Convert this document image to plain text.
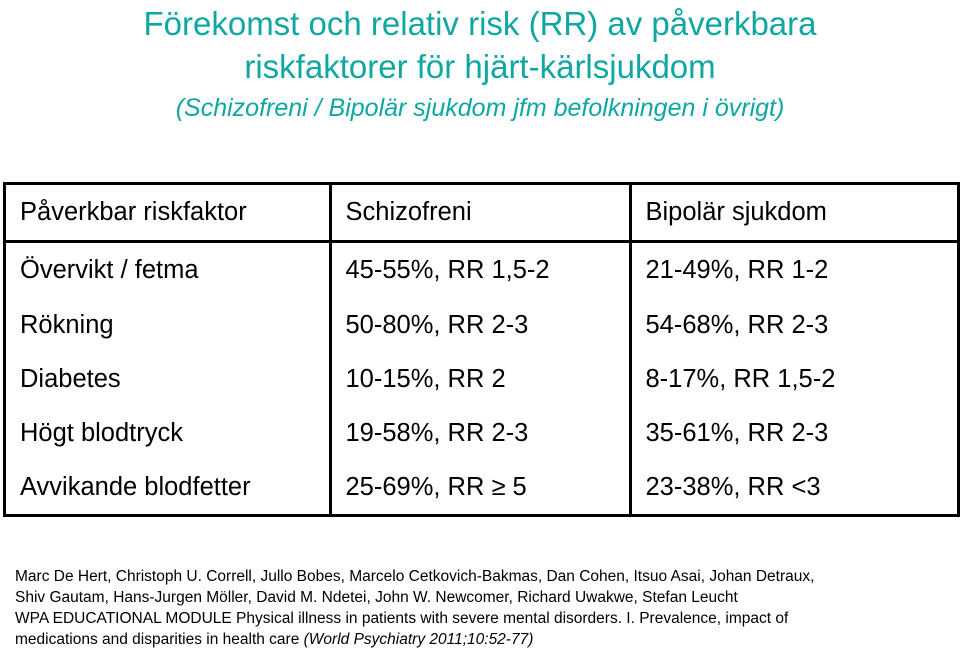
Förekomst och relativ risk (RR) av påverkbara
riskfaktorer för hjärt-kärlsjukdom
(Schizofreni / Bipolär sjukdom jfm befolkningen i övrigt)
Påverkbar riskfaktor	Schizofreni	Bipolär sjukdom
Övervikt / fetma	45-55%, RR 1,5-2	21-49%, RR 1-2
Rökning	50-80%, RR 2-3	54-68%, RR 2-3
Diabetes	10-15%, RR 2	8-17%, RR 1,5-2
Högt blodtryck	19-58%, RR 2-3	35-61%, RR 2-3
Avvikande blodfetter	25-69%, RR ≥ 5	23-38%, RR <3
Marc De Hert, Christoph U. Correll, Jullo Bobes, Marcelo Cetkovich-Bakmas, Dan Cohen, Itsuo Asai, Johan Detraux,
Shiv Gautam, Hans-Jurgen Möller, David M. Ndetei, John W. Newcomer, Richard Uwakwe, Stefan Leucht
WPA EDUCATIONAL MODULE Physical illness in patients with severe mental disorders. I. Prevalence, impact of
medications and disparities in health care (World Psychiatry 2011;10:52-77)
